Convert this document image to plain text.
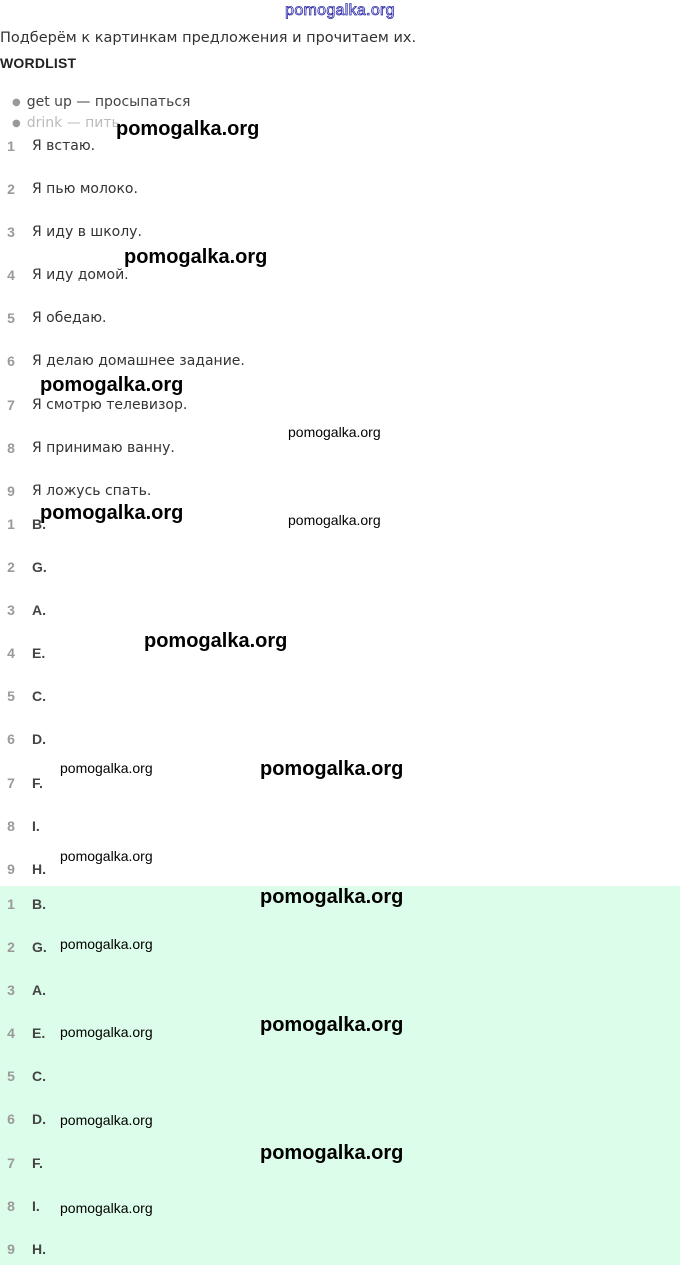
pomogalka.org
Подберём к картинкам предложения и прочитаем их.
WORDLIST
● get up — просыпаться
● drink — пить
1	Я встаю.
2	Я пью молоко.
3	Я иду в школу.
4	Я иду домой.
5	Я обедаю.
6	Я делаю домашнее задание.
7	Я смотрю телевизор.
8	Я принимаю ванну.
9	Я ложусь спать.
1	B.
2	G.
3	A.
4	E.
5	C.
6	D.
7	F.
8	I.
9	H.
1	B.
2	G.
3	A.
4	E.
5	C.
6	D.
7	F.
8	I.
9	H.
pomogalka.org
pomogalka.org
pomogalka.org
pomogalka.org
pomogalka.org	pomogalka.org
pomogalka.org
pomogalka.org	pomogalka.org
pomogalka.org
pomogalka.org
pomogalka.org
pomogalka.org	pomogalka.org
pomogalka.org
pomogalka.org
pomogalka.org
